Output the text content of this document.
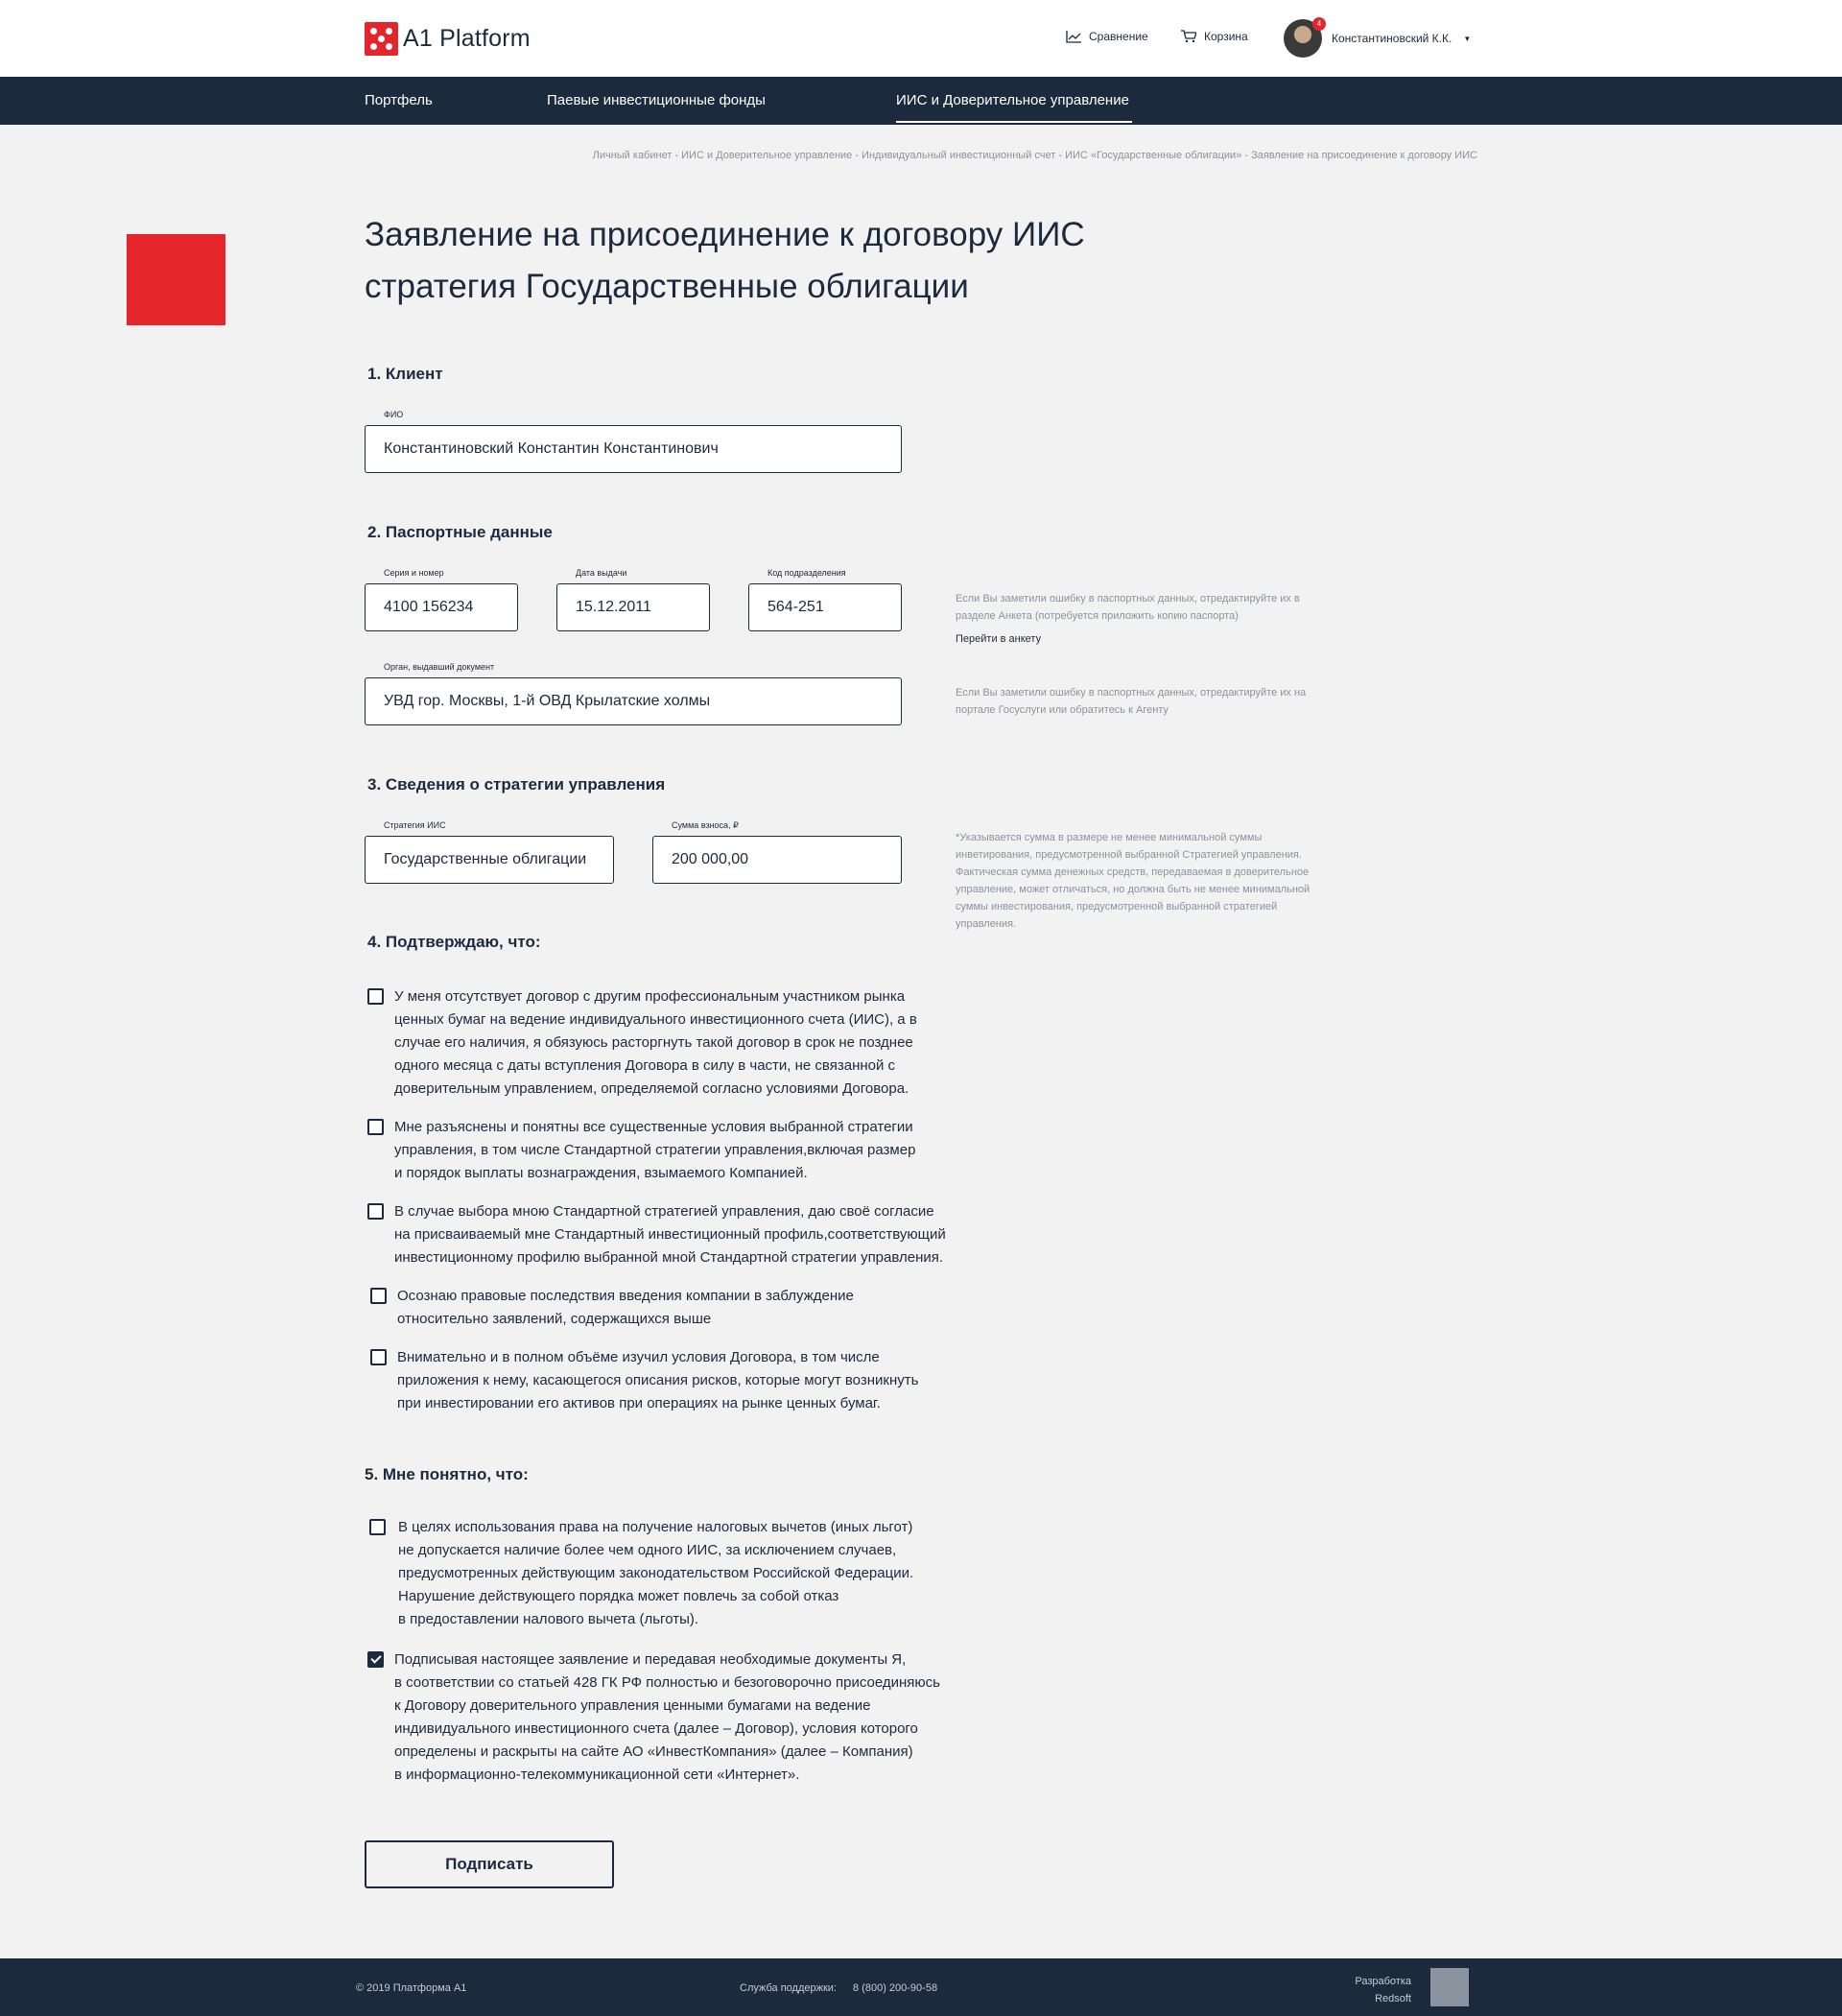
A1 Platform	Сравнение	Корзина
4
Константиновский К.К. ▼
Портфель	Паевые инвестиционные фонды	ИИС и Доверительное управление
Личный кабинет - ИИС и Доверительное управление - Индивидуальный инвестиционный счет - ИИС «Государственные облигации» - Заявление на присоединение к договору ИИС
Заявление на присоединение к договору ИИС
стратегия Государственные облигации
1. Клиент
ФИО
Константиновский Константин Константинович
2. Паспортные данные
Серия и номер
4100 156234
Дата выдачи
15.12.2011
Код подразделения
564-251	Если Вы заметили ошибку в паспортных данных, отредактируйте их в разделе Анкета (потребуется приложить копию паспорта)
Перейти в анкету
Орган, выдавший документ
УВД гор. Москвы, 1-й ОВД Крылатские холмы	Если Вы заметили ошибку в паспортных данных, отредактируйте их на портале Госуслуги или обратитесь к Агенту
3. Сведения о стратегии управления
Стратегия ИИС
Государственные облигации
Сумма взноса, ₽
200 000,00
*Указывается сумма в размере не менее минимальной суммы инветирования, предусмотренной выбранной Стратегией управления. Фактическая сумма денежных средств, передаваемая в доверительное управление, может отличаться, но должна быть не менее минимальной суммы инвестирования, предусмотренной выбранной стратегией управления.
4. Подтверждаю, что:
У меня отсутствует договор с другим профессиональным участником рынка
ценных бумаг на ведение индивидуального инвестиционного счета (ИИС), а в
случае его наличия, я обязуюсь расторгнуть такой договор в срок не позднее
одного месяца с даты вступления Договора в силу в части, не связанной с
доверительным управлением, определяемой согласно условиями Договора.
Мне разъяснены и понятны все существенные условия выбранной стратегии
управления, в том числе Стандартной стратегии управления,включая размер
и порядок выплаты вознаграждения, взымаемого Компанией.
В случае выбора мною Стандартной стратегией управления, даю своё согласие
на присваиваемый мне Стандартный инвестиционный профиль,соответствующий
инвестиционному профилю выбранной мной Стандартной стратегии управления.
Осознаю правовые последствия введения компании в заблуждение
относительно заявлений, содержащихся выше
Внимательно и в полном объёме изучил условия Договора, в том числе
приложения к нему, касающегося описания рисков, которые могут возникнуть
при инвестировании его активов при операциях на рынке ценных бумаг.
5. Мне понятно, что:
В целях использования права на получение налоговых вычетов (иных льгот)
не допускается наличие более чем одного ИИС, за исключением случаев,
предусмотренных действующим законодательством Российской Федерации.
Нарушение действующего порядка может повлечь за собой отказ
в предоставлении налового вычета (льготы).
Подписывая настоящее заявление и передавая необходимые документы Я,
в соответствии со статьей 428 ГК РФ полностью и безоговорочно присоединяюсь
к Договору доверительного управления ценными бумагами на ведение
индивидуального инвестиционного счета (далее – Договор), условия которого
определены и раскрыты на сайте АО «ИнвестКомпания» (далее – Компания)
в информационно-телекоммуникационной сети «Интернет».
Подписать
© 2019 Платформа А1	Служба поддержки: 8 (800) 200-90-58
Разработка
Redsoft
